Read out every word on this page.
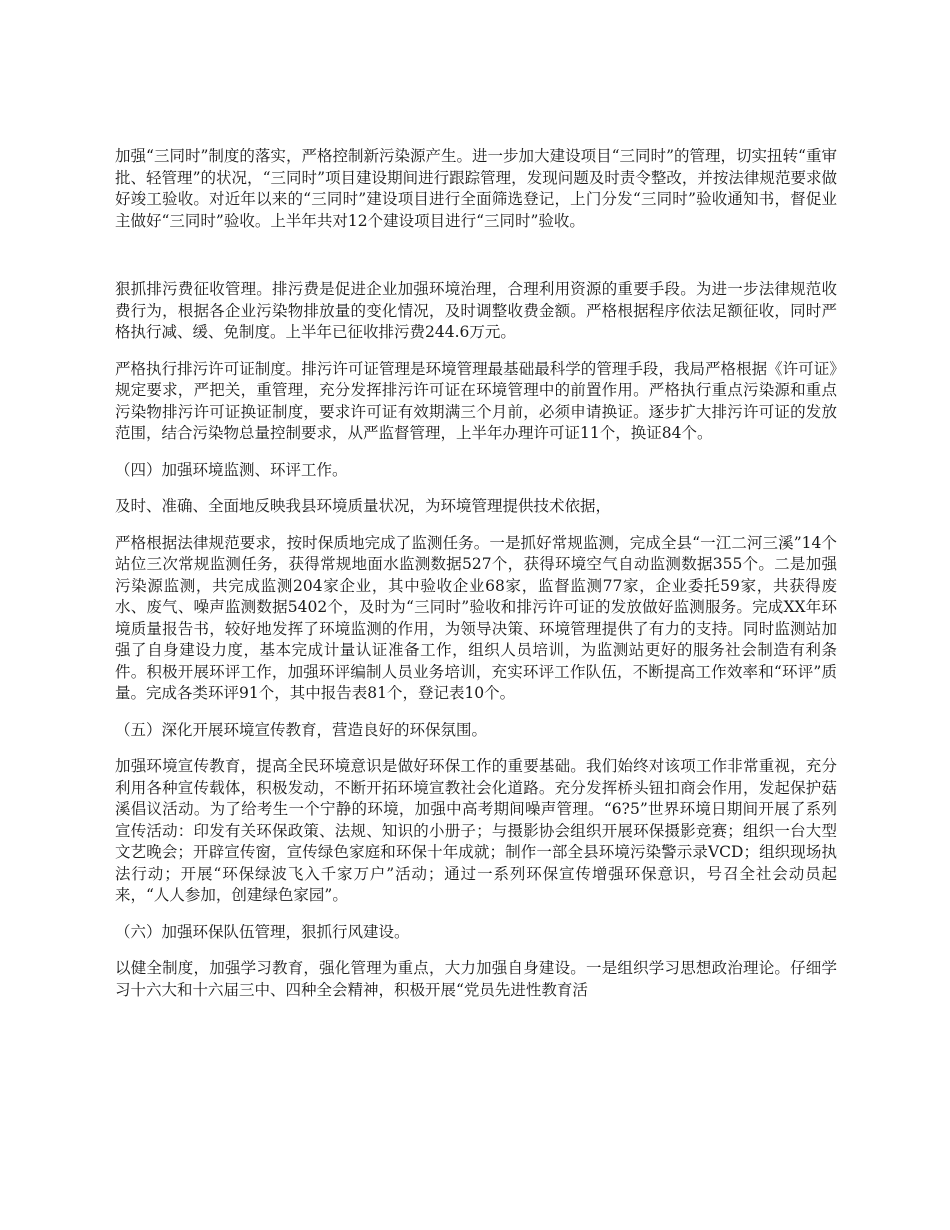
加强“三同时”制度的落实，严格控制新污染源产生。进一步加大建设项目“三同时”的管理，切实扭转“重审批、轻管理”的状况，“三同时”项目建设期间进行跟踪管理，发现问题及时责令整改，并按法律规范要求做好竣工验收。对近年以来的“三同时”建设项目进行全面筛选登记，上门分发“三同时”验收通知书，督促业主做好“三同时”验收。上半年共对12个建设项目进行“三同时”验收。

狠抓排污费征收管理。排污费是促进企业加强环境治理，合理利用资源的重要手段。为进一步法律规范收费行为，根据各企业污染物排放量的变化情况，及时调整收费金额。严格根据程序依法足额征收，同时严格执行减、缓、免制度。上半年已征收排污费244.6万元。

严格执行排污许可证制度。排污许可证管理是环境管理最基础最科学的管理手段，我局严格根据《许可证》规定要求，严把关，重管理，充分发挥排污许可证在环境管理中的前置作用。严格执行重点污染源和重点污染物排污许可证换证制度，要求许可证有效期满三个月前，必须申请换证。逐步扩大排污许可证的发放范围，结合污染物总量控制要求，从严监督管理，上半年办理许可证11个，换证84个。

（四）加强环境监测、环评工作。

及时、准确、全面地反映我县环境质量状况，为环境管理提供技术依据，

严格根据法律规范要求，按时保质地完成了监测任务。一是抓好常规监测，完成全县“一江二河三溪”14个站位三次常规监测任务，获得常规地面水监测数据527个，获得环境空气自动监测数据355个。二是加强污染源监测，共完成监测204家企业，其中验收企业68家，监督监测77家，企业委托59家，共获得废水、废气、噪声监测数据5402个，及时为“三同时”验收和排污许可证的发放做好监测服务。完成XX年环境质量报告书，较好地发挥了环境监测的作用，为领导决策、环境管理提供了有力的支持。同时监测站加强了自身建设力度，基本完成计量认证准备工作，组织人员培训，为监测站更好的服务社会制造有利条件。积极开展环评工作，加强环评编制人员业务培训，充实环评工作队伍，不断提高工作效率和“环评”质量。完成各类环评91个，其中报告表81个，登记表10个。

（五）深化开展环境宣传教育，营造良好的环保氛围。

加强环境宣传教育，提高全民环境意识是做好环保工作的重要基础。我们始终对该项工作非常重视，充分利用各种宣传载体，积极发动，不断开拓环境宣教社会化道路。充分发挥桥头钮扣商会作用，发起保护菇溪倡议活动。为了给考生一个宁静的环境，加强中高考期间噪声管理。“6?5”世界环境日期间开展了系列宣传活动：印发有关环保政策、法规、知识的小册子；与摄影协会组织开展环保摄影竞赛；组织一台大型文艺晚会；开辟宣传窗，宣传绿色家庭和环保十年成就；制作一部全县环境污染警示录VCD；组织现场执法行动；开展“环保绿波飞入千家万户”活动；通过一系列环保宣传增强环保意识，号召全社会动员起来，“人人参加，创建绿色家园”。

（六）加强环保队伍管理，狠抓行风建设。

以健全制度，加强学习教育，强化管理为重点，大力加强自身建设。一是组织学习思想政治理论。仔细学习十六大和十六届三中、四种全会精神，积极开展“党员先进性教育活
